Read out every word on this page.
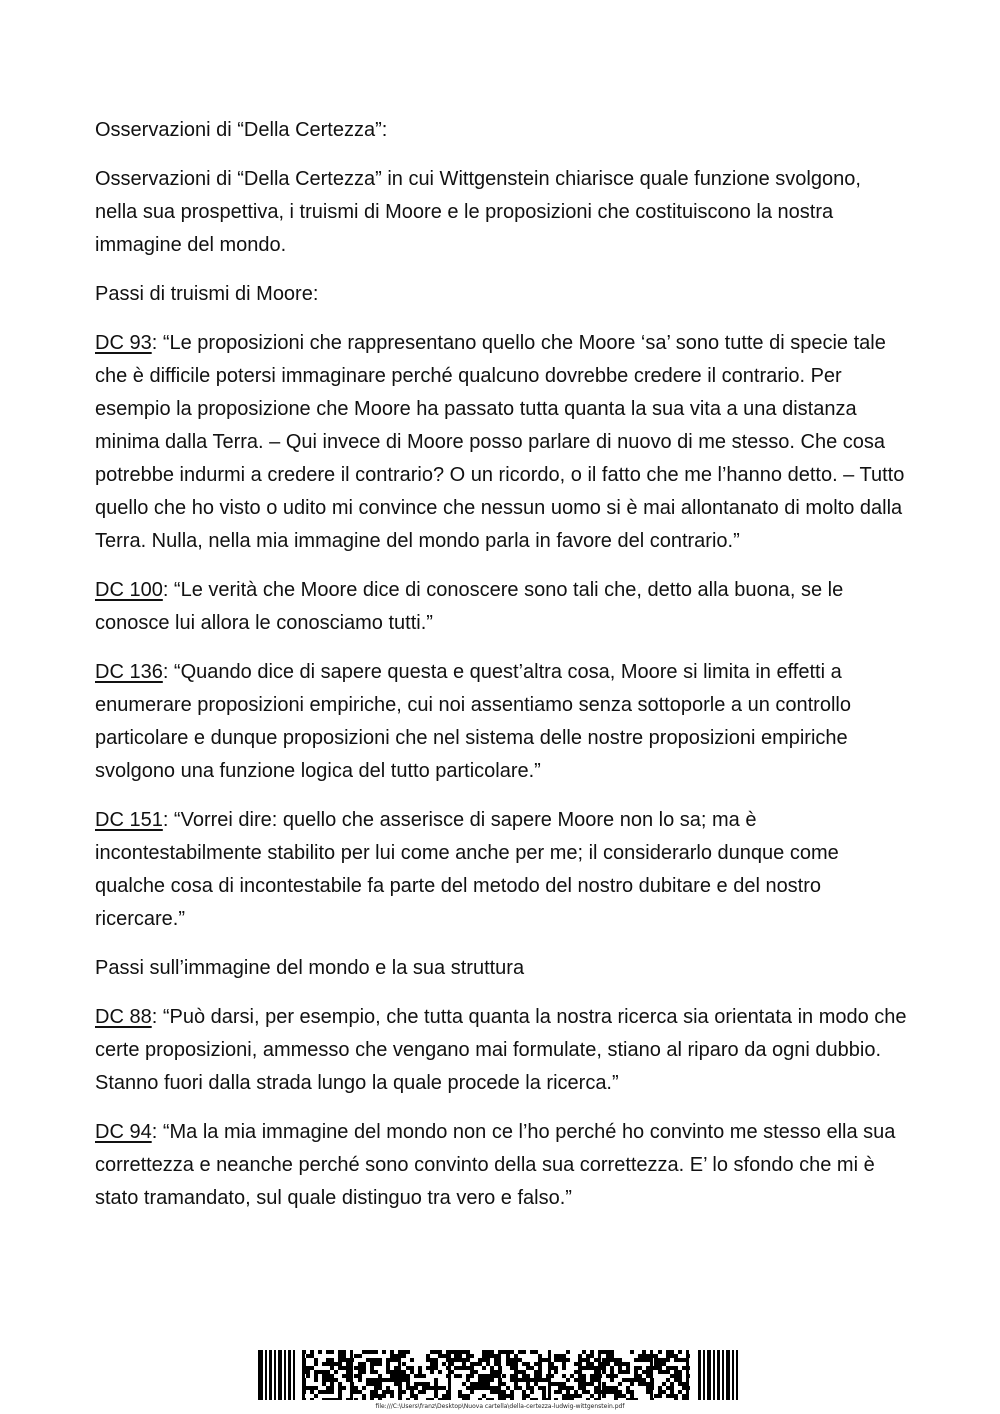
Osservazioni di “Della Certezza”:

Osservazioni di “Della Certezza” in cui Wittgenstein chiarisce quale funzione svolgono, nella sua prospettiva, i truismi di Moore e le proposizioni che costituiscono la nostra immagine del mondo.

Passi di truismi di Moore:

DC 93: “Le proposizioni che rappresentano quello che Moore ‘sa’ sono tutte di specie tale che è difficile potersi immaginare perché qualcuno dovrebbe credere il contrario. Per esempio la proposizione che Moore ha passato tutta quanta la sua vita a una distanza minima dalla Terra. – Qui invece di Moore posso parlare di nuovo di me stesso. Che cosa potrebbe indurmi a credere il contrario? O un ricordo, o il fatto che me l’hanno detto. – Tutto quello che ho visto o udito mi convince che nessun uomo si è mai allontanato di molto dalla Terra. Nulla, nella mia immagine del mondo parla in favore del contrario.”

DC 100: “Le verità che Moore dice di conoscere sono tali che, detto alla buona, se le conosce lui allora le conosciamo tutti.”

DC 136: “Quando dice di sapere questa e quest’altra cosa, Moore si limita in effetti a enumerare proposizioni empiriche, cui noi assentiamo senza sottoporle a un controllo particolare e dunque proposizioni che nel sistema delle nostre proposizioni empiriche svolgono una funzione logica del tutto particolare.”

DC 151: “Vorrei dire: quello che asserisce di sapere Moore non lo sa; ma è incontestabilmente stabilito per lui come anche per me; il considerarlo dunque come qualche cosa di incontestabile fa parte del metodo del nostro dubitare e del nostro ricercare.”

Passi sull’immagine del mondo e la sua struttura

DC 88: “Può darsi, per esempio, che tutta quanta la nostra ricerca sia orientata in modo che certe proposizioni, ammesso che vengano mai formulate, stiano al riparo da ogni dubbio. Stanno fuori dalla strada lungo la quale procede la ricerca.”

DC 94: “Ma la mia immagine del mondo non ce l’ho perché ho convinto me stesso ella sua correttezza e neanche perché sono convinto della sua correttezza. E’ lo sfondo che mi è stato tramandato, sul quale distinguo tra vero e falso.”

file:///C:\Users\franz\Desktop\Nuova cartella\della-certezza-ludwig-wittgenstein.pdf
